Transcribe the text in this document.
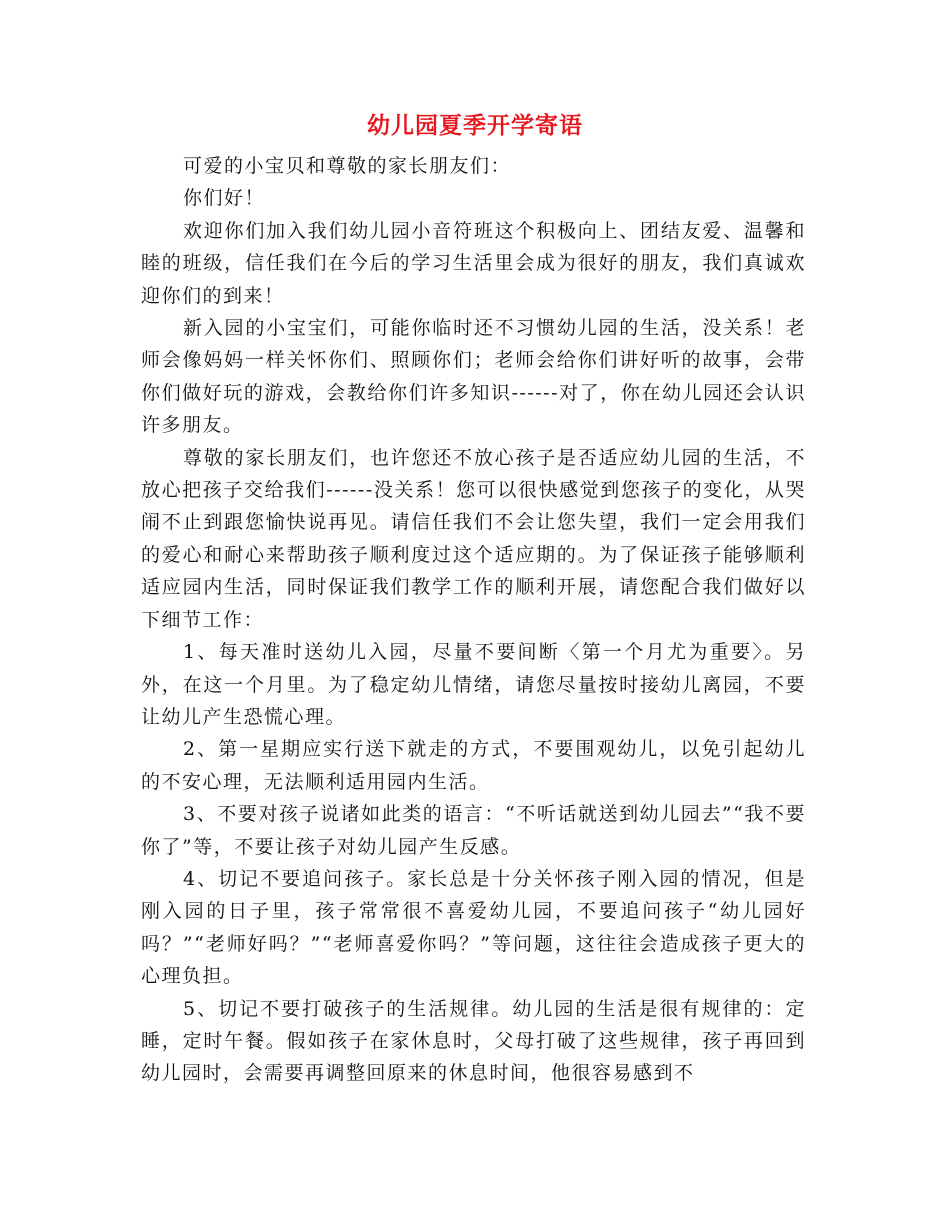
幼儿园夏季开学寄语

可爱的小宝贝和尊敬的家长朋友们：

你们好！

欢迎你们加入我们幼儿园小音符班这个积极向上、团结友爱、温馨和睦的班级，信任我们在今后的学习生活里会成为很好的朋友，我们真诚欢迎你们的到来！

新入园的小宝宝们，可能你临时还不习惯幼儿园的生活，没关系！老师会像妈妈一样关怀你们、照顾你们；老师会给你们讲好听的故事，会带你们做好玩的游戏，会教给你们许多知识------对了，你在幼儿园还会认识许多朋友。

尊敬的家长朋友们，也许您还不放心孩子是否适应幼儿园的生活，不放心把孩子交给我们------没关系！您可以很快感觉到您孩子的变化，从哭闹不止到跟您愉快说再见。请信任我们不会让您失望，我们一定会用我们的爱心和耐心来帮助孩子顺利度过这个适应期的。为了保证孩子能够顺利适应园内生活，同时保证我们教学工作的顺利开展，请您配合我们做好以下细节工作：

1、每天准时送幼儿入园，尽量不要间断〈第一个月尤为重要〉。另外，在这一个月里。为了稳定幼儿情绪，请您尽量按时接幼儿离园，不要让幼儿产生恐慌心理。

2、第一星期应实行送下就走的方式，不要围观幼儿，以免引起幼儿的不安心理，无法顺利适用园内生活。

3、不要对孩子说诸如此类的语言：“不听话就送到幼儿园去”“我不要你了”等，不要让孩子对幼儿园产生反感。

4、切记不要追问孩子。家长总是十分关怀孩子刚入园的情况，但是刚入园的日子里，孩子常常很不喜爱幼儿园，不要追问孩子“幼儿园好吗？”“老师好吗？”“老师喜爱你吗？”等问题，这往往会造成孩子更大的心理负担。

5、切记不要打破孩子的生活规律。幼儿园的生活是很有规律的：定睡，定时午餐。假如孩子在家休息时，父母打破了这些规律，孩子再回到幼儿园时，会需要再调整回原来的休息时间，他很容易感到不
